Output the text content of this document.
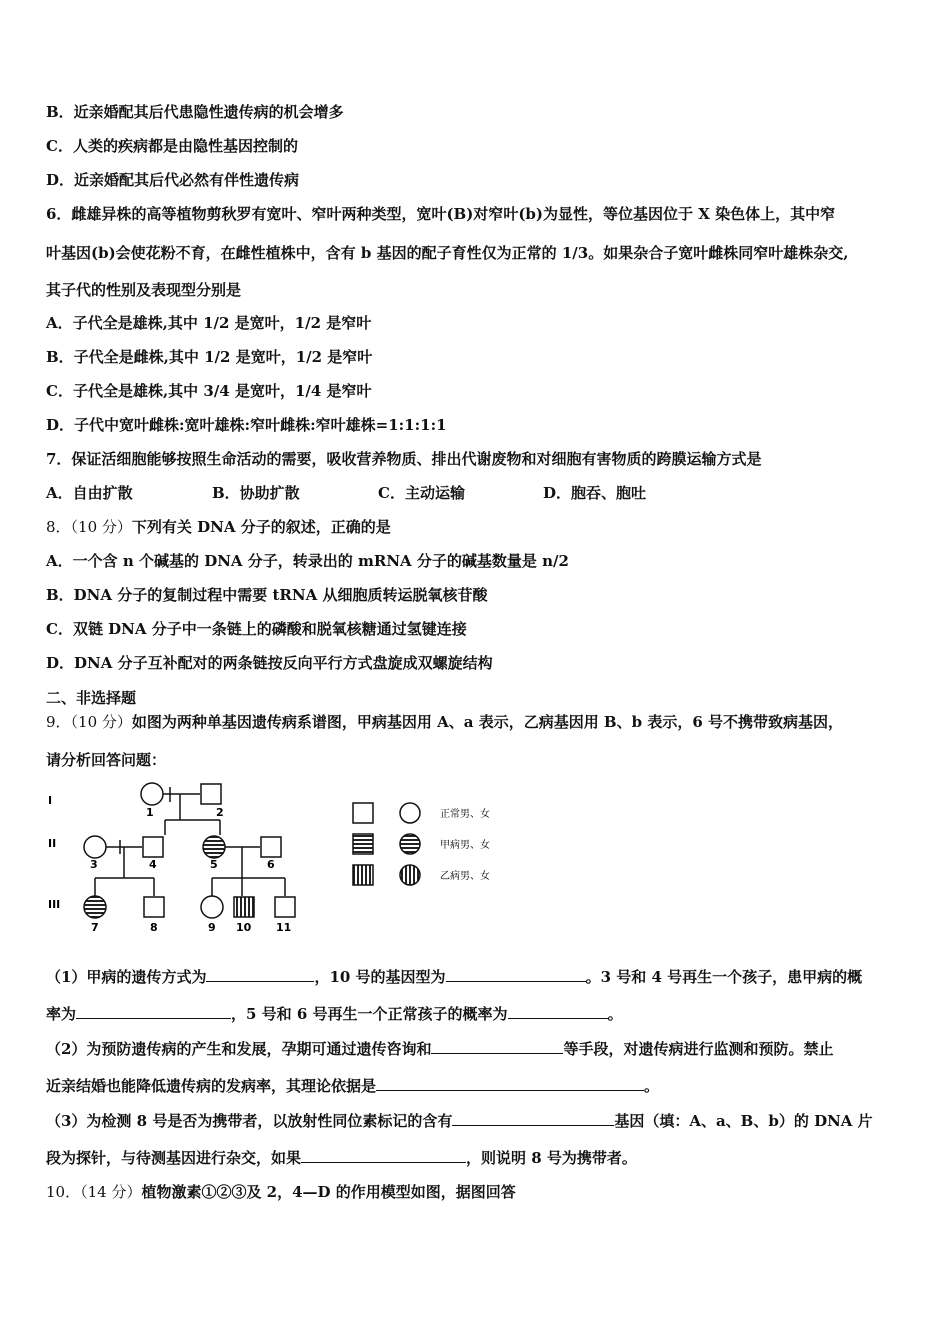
B．近亲婚配其后代患隐性遗传病的机会增多
C．人类的疾病都是由隐性基因控制的
D．近亲婚配其后代必然有伴性遗传病
6．雌雄异株的高等植物剪秋罗有宽叶、窄叶两种类型，宽叶(B)对窄叶(b)为显性，等位基因位于 X 染色体上，其中窄
叶基因(b)会使花粉不育，在雌性植株中，含有 b 基因的配子育性仅为正常的 1/3。如果杂合子宽叶雌株同窄叶雄株杂交,
其子代的性别及表现型分别是
A．子代全是雄株,其中 1/2 是宽叶，1/2 是窄叶
B．子代全是雌株,其中 1/2 是宽叶，1/2 是窄叶
C．子代全是雄株,其中 3/4 是宽叶，1/4 是窄叶
D．子代中宽叶雌株:宽叶雄株:窄叶雌株:窄叶雄株=1:1:1:1
7．保证活细胞能够按照生命活动的需要，吸收营养物质、排出代谢废物和对细胞有害物质的跨膜运输方式是
A．自由扩散	B．协助扩散	C．主动运输	D．胞吞、胞吐
8．（10 分）下列有关 DNA 分子的叙述，正确的是
A．一个含 n 个碱基的 DNA 分子，转录出的 mRNA 分子的碱基数量是 n/2
B．DNA 分子的复制过程中需要 tRNA 从细胞质转运脱氧核苷酸
C．双链 DNA 分子中一条链上的磷酸和脱氧核糖通过氢键连接
D．DNA 分子互补配对的两条链按反向平行方式盘旋成双螺旋结构
二、非选择题
9．（10 分）如图为两种单基因遗传病系谱图，甲病基因用 A、a 表示，乙病基因用 B、b 表示，6 号不携带致病基因，
请分析回答问题：
I
II
III
1	2
3	4	5	6
7	8	9 10 11
正常男、女
甲病男、女
乙病男、女
（1）甲病的遗传方式为	，10 号的基因型为	。3 号和 4 号再生一个孩子，患甲病的概
率为	，5 号和 6 号再生一个正常孩子的概率为	。
（2）为预防遗传病的产生和发展，孕期可通过遗传咨询和	等手段，对遗传病进行监测和预防。禁止
近亲结婚也能降低遗传病的发病率，其理论依据是	。
（3）为检测 8 号是否为携带者，以放射性同位素标记的含有	基因（填：A、a、B、b）的 DNA 片
段为探针，与待测基因进行杂交，如果	，则说明 8 号为携带者。
10．（14 分）植物激素①②③及 2，4—D 的作用模型如图，据图回答
